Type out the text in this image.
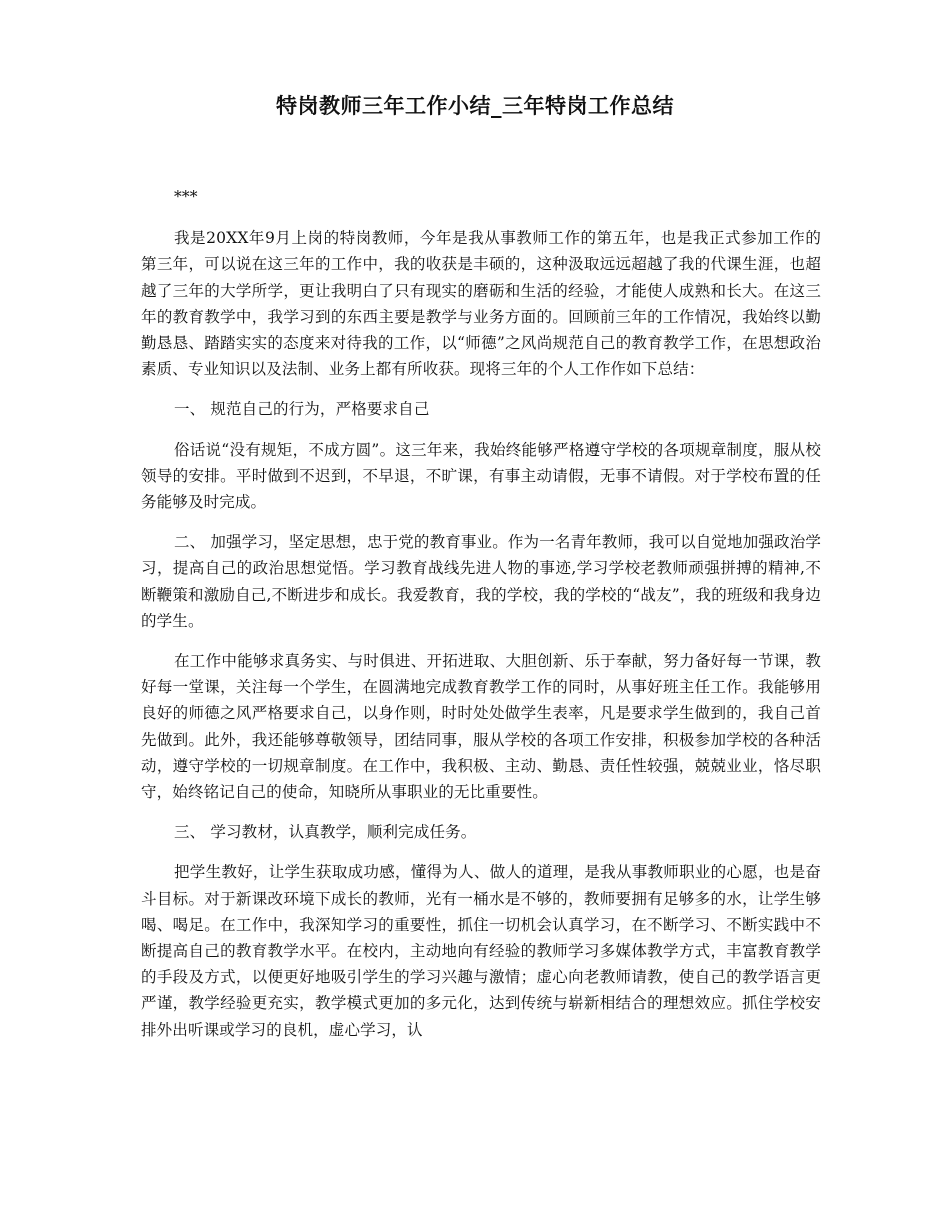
特岗教师三年工作小结_三年特岗工作总结

***

我是20XX年9月上岗的特岗教师，今年是我从事教师工作的第五年，也是我正式参加工作的第三年，可以说在这三年的工作中，我的收获是丰硕的，这种汲取远远超越了我的代课生涯，也超越了三年的大学所学，更让我明白了只有现实的磨砺和生活的经验，才能使人成熟和长大。在这三年的教育教学中，我学习到的东西主要是教学与业务方面的。回顾前三年的工作情况，我始终以勤勤恳恳、踏踏实实的态度来对待我的工作，以“师德”之风尚规范自己的教育教学工作，在思想政治素质、专业知识以及法制、业务上都有所收获。现将三年的个人工作作如下总结：

一、 规范自己的行为，严格要求自己

俗话说“没有规矩，不成方圆”。这三年来，我始终能够严格遵守学校的各项规章制度，服从校领导的安排。平时做到不迟到，不早退，不旷课，有事主动请假，无事不请假。对于学校布置的任务能够及时完成。

二、 加强学习，坚定思想，忠于党的教育事业。作为一名青年教师，我可以自觉地加强政治学习，提高自己的政治思想觉悟。学习教育战线先进人物的事迹,学习学校老教师顽强拼搏的精神,不断鞭策和激励自己,不断进步和成长。我爱教育，我的学校，我的学校的“战友”，我的班级和我身边的学生。

在工作中能够求真务实、与时俱进、开拓进取、大胆创新、乐于奉献，努力备好每一节课，教好每一堂课，关注每一个学生，在圆满地完成教育教学工作的同时，从事好班主任工作。我能够用良好的师德之风严格要求自己，以身作则，时时处处做学生表率，凡是要求学生做到的，我自己首先做到。此外，我还能够尊敬领导，团结同事，服从学校的各项工作安排，积极参加学校的各种活动，遵守学校的一切规章制度。在工作中，我积极、主动、勤恳、责任性较强，兢兢业业，恪尽职守，始终铭记自己的使命，知晓所从事职业的无比重要性。

三、 学习教材，认真教学，顺利完成任务。

把学生教好，让学生获取成功感，懂得为人、做人的道理，是我从事教师职业的心愿，也是奋斗目标。对于新课改环境下成长的教师，光有一桶水是不够的，教师要拥有足够多的水，让学生够喝、喝足。在工作中，我深知学习的重要性，抓住一切机会认真学习，在不断学习、不断实践中不断提高自己的教育教学水平。在校内，主动地向有经验的教师学习多媒体教学方式，丰富教育教学的手段及方式，以便更好地吸引学生的学习兴趣与激情；虚心向老教师请教，使自己的教学语言更严谨，教学经验更充实，教学模式更加的多元化，达到传统与崭新相结合的理想效应。抓住学校安排外出听课或学习的良机，虚心学习，认
